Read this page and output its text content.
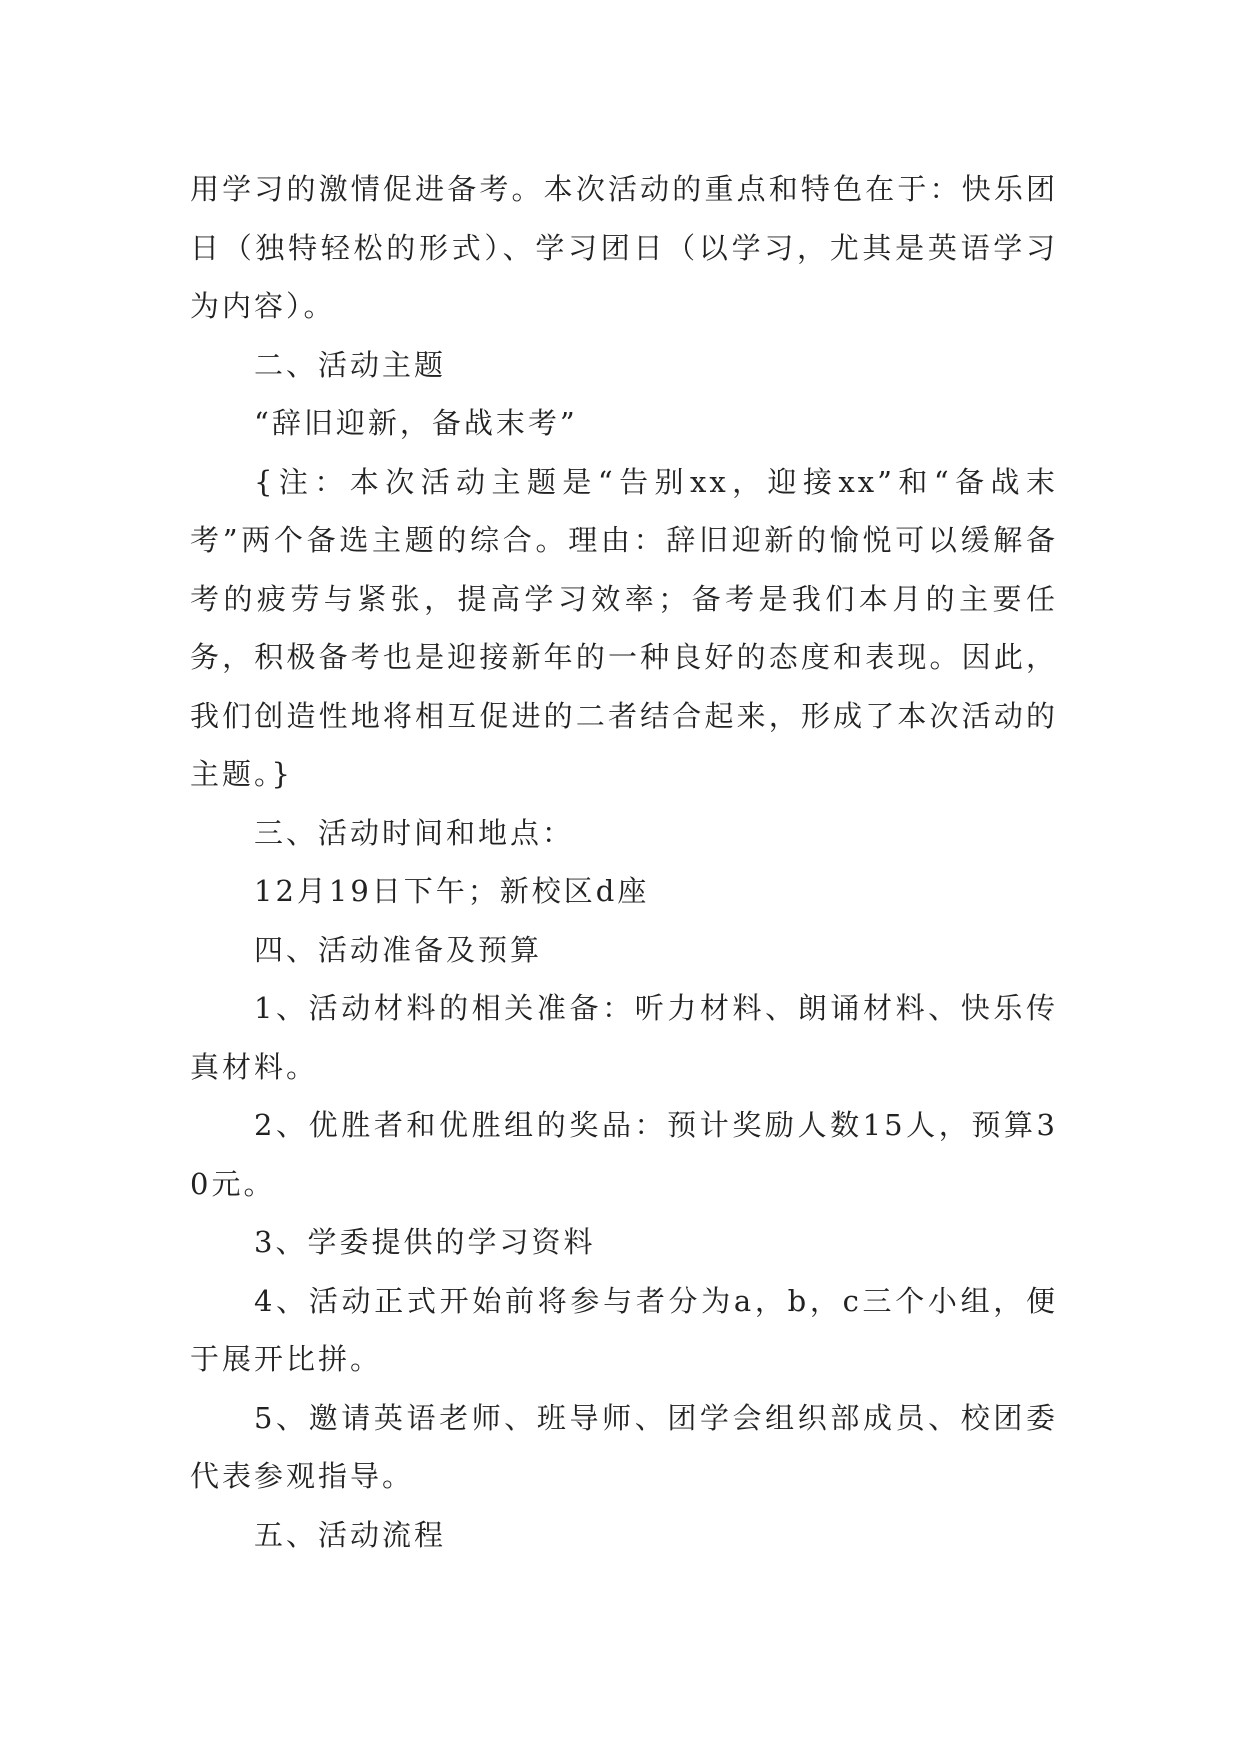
用学习的激情促进备考。本次活动的重点和特色在于：快乐团日（独特轻松的形式）、学习团日（以学习，尤其是英语学习为内容）。

二、活动主题

“辞旧迎新，备战末考”

{注：本次活动主题是“告别xx，迎接xx”和“备战末考”两个备选主题的综合。理由：辞旧迎新的愉悦可以缓解备考的疲劳与紧张，提高学习效率；备考是我们本月的主要任务，积极备考也是迎接新年的一种良好的态度和表现。因此，我们创造性地将相互促进的二者结合起来，形成了本次活动的主题。}

三、活动时间和地点：

12月19日下午；新校区d座

四、活动准备及预算

1、活动材料的相关准备：听力材料、朗诵材料、快乐传真材料。

2、优胜者和优胜组的奖品：预计奖励人数15人，预算30元。

3、学委提供的学习资料

4、活动正式开始前将参与者分为a，b，c三个小组，便于展开比拼。

5、邀请英语老师、班导师、团学会组织部成员、校团委代表参观指导。

五、活动流程
